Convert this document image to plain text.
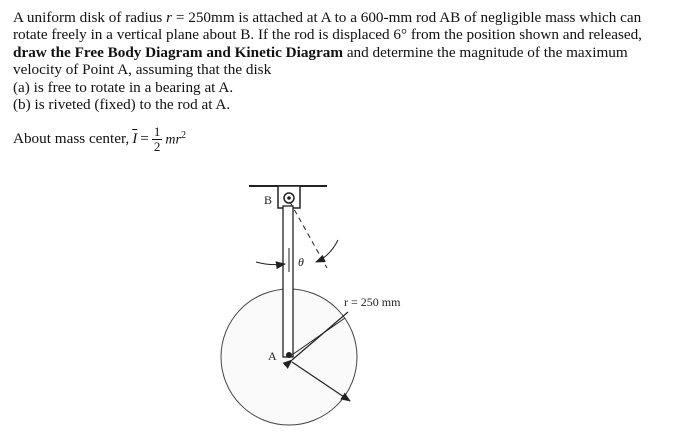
A uniform disk of radius r = 250mm is attached at A to a 600-mm rod AB of negligible mass which can rotate freely in a vertical plane about B. If the rod is displaced 6° from the position shown and released, draw the Free Body Diagram and Kinetic Diagram and determine the magnitude of the maximum velocity of Point A, assuming that the disk

(a) is free to rotate in a bearing at A.

(b) is riveted (fixed) to the rod at A.

About mass center, $\overline{I} = \frac{1}{2} mr^2$
B
A
θ
r = 250 mm
